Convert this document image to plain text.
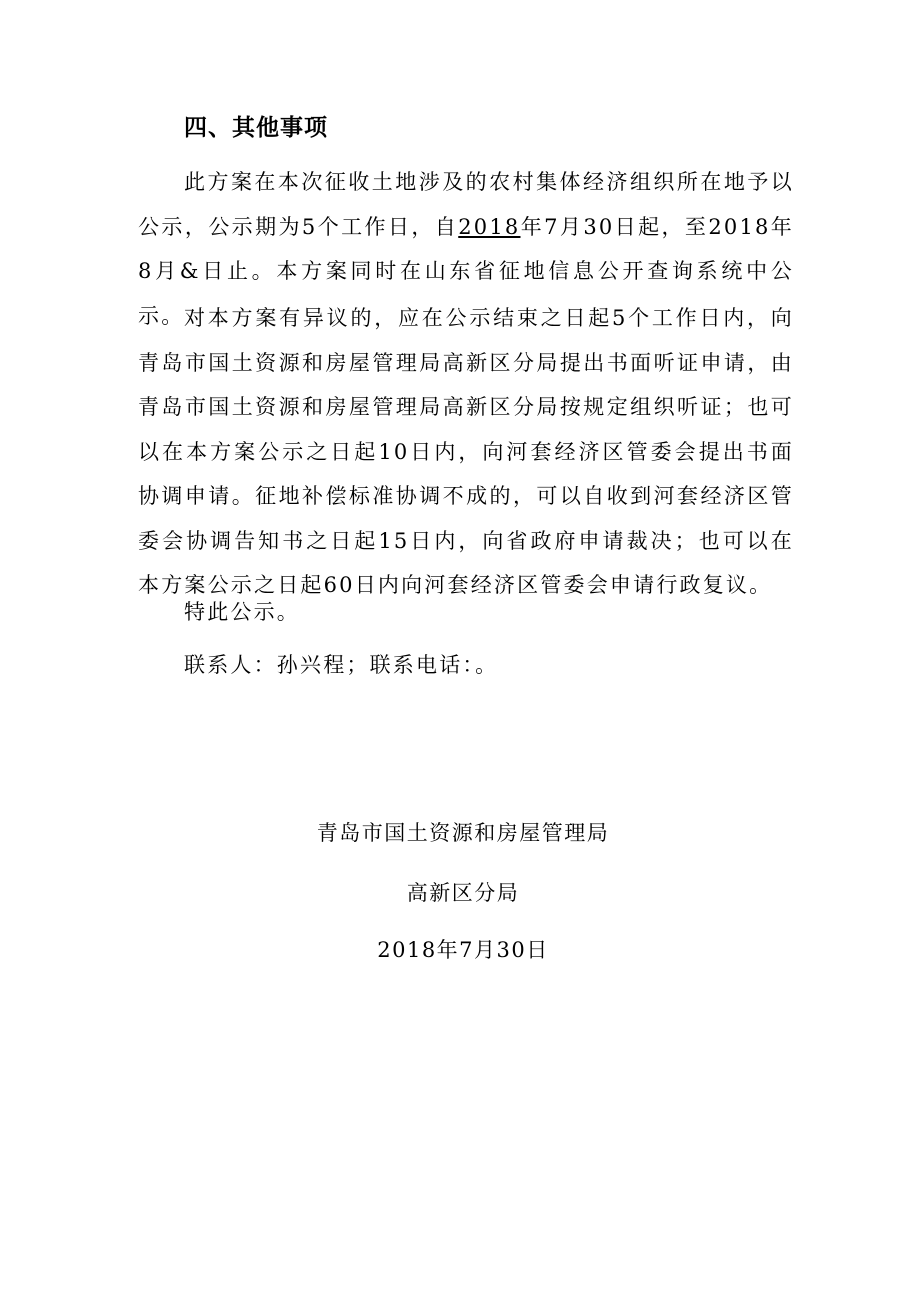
四、其他事项

此方案在本次征收土地涉及的农村集体经济组织所在地予以公示，公示期为5个工作日，自2018年7月30日起，至2018年8月&日止。本方案同时在山东省征地信息公开查询系统中公示。 对本方案有异议的，应在公示结束之日起5个工作日内，向青岛市国土资源和房屋管理局高新区分局提出书面听证申请，由青岛市国土资源和房屋管理局高新区分局按规定组织听证；也可以在本方案公示之日起10日内，向河套经济区管委会提出书面协调申请。征地补偿标准协调不成的，可以自收到河套经济区管委会协调告知书之日起15日内，向省政府申请裁决；也可以在本方案公示之日起60日内向河套经济区管委会申请行政复议。

特此公示。

联系人：孙兴程；联系电话：。

青岛市国土资源和房屋管理局

高新区分局

2018年7月30日
